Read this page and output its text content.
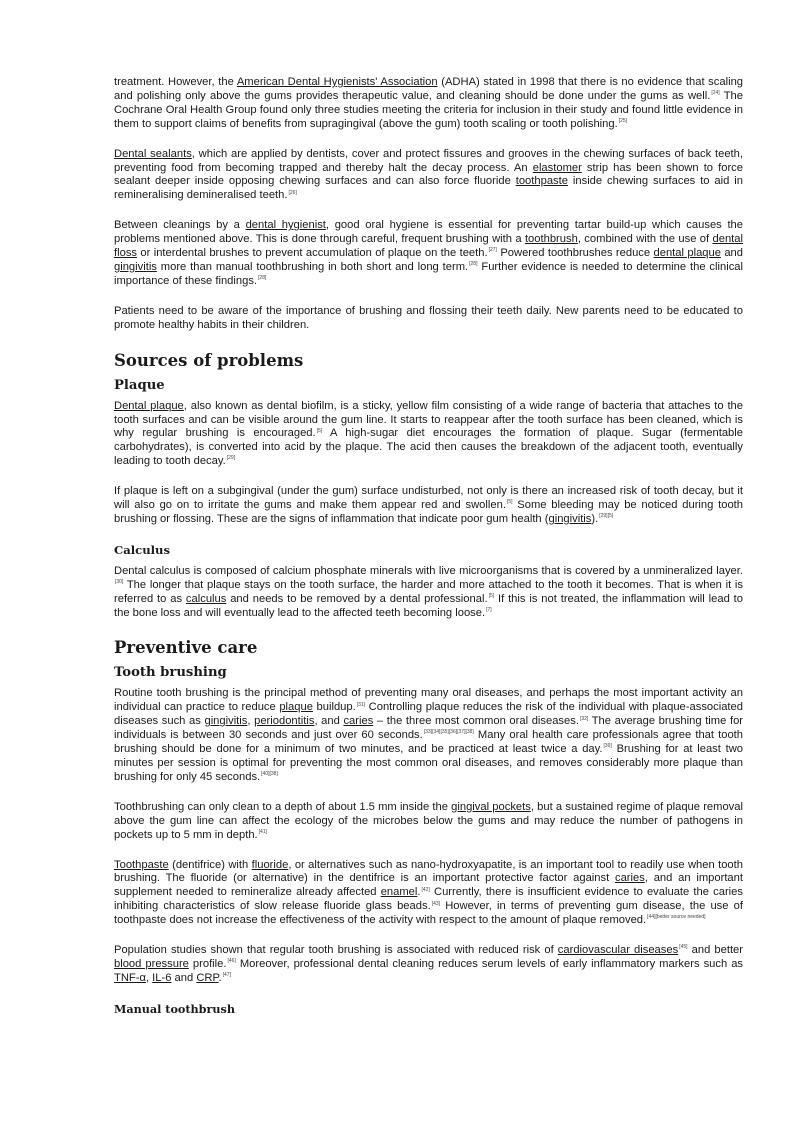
treatment. However, the American Dental Hygienists' Association (ADHA) stated in 1998 that there is no evidence that scaling and polishing only above the gums provides therapeutic value, and cleaning should be done under the gums as well.[24] The Cochrane Oral Health Group found only three studies meeting the criteria for inclusion in their study and found little evidence in them to support claims of benefits from supragingival (above the gum) tooth scaling or tooth polishing.[25]

Dental sealants, which are applied by dentists, cover and protect fissures and grooves in the chewing surfaces of back teeth, preventing food from becoming trapped and thereby halt the decay process. An elastomer strip has been shown to force sealant deeper inside opposing chewing surfaces and can also force fluoride toothpaste inside chewing surfaces to aid in remineralising demineralised teeth.[26]

Between cleanings by a dental hygienist, good oral hygiene is essential for preventing tartar build-up which causes the problems mentioned above. This is done through careful, frequent brushing with a toothbrush, combined with the use of dental floss or interdental brushes to prevent accumulation of plaque on the teeth.[27] Powered toothbrushes reduce dental plaque and gingivitis more than manual toothbrushing in both short and long term.[28] Further evidence is needed to determine the clinical importance of these findings.[28]

Patients need to be aware of the importance of brushing and flossing their teeth daily. New parents need to be educated to promote healthy habits in their children.

Sources of problems
Plaque

Dental plaque, also known as dental biofilm, is a sticky, yellow film consisting of a wide range of bacteria that attaches to the tooth surfaces and can be visible around the gum line. It starts to reappear after the tooth surface has been cleaned, which is why regular brushing is encouraged.[5] A high-sugar diet encourages the formation of plaque. Sugar (fermentable carbohydrates), is converted into acid by the plaque. The acid then causes the breakdown of the adjacent tooth, eventually leading to tooth decay.[29]

If plaque is left on a subgingival (under the gum) surface undisturbed, not only is there an increased risk of tooth decay, but it will also go on to irritate the gums and make them appear red and swollen.[5] Some bleeding may be noticed during tooth brushing or flossing. These are the signs of inflammation that indicate poor gum health (gingivitis).[29][5]

Calculus

Dental calculus is composed of calcium phosphate minerals with live microorganisms that is covered by a unmineralized layer.[30] The longer that plaque stays on the tooth surface, the harder and more attached to the tooth it becomes. That is when it is referred to as calculus and needs to be removed by a dental professional.[5] If this is not treated, the inflammation will lead to the bone loss and will eventually lead to the affected teeth becoming loose.[7]

Preventive care
Tooth brushing

Routine tooth brushing is the principal method of preventing many oral diseases, and perhaps the most important activity an individual can practice to reduce plaque buildup.[31] Controlling plaque reduces the risk of the individual with plaque-associated diseases such as gingivitis, periodontitis, and caries – the three most common oral diseases.[32] The average brushing time for individuals is between 30 seconds and just over 60 seconds.[33][34][35][36][37][38] Many oral health care professionals agree that tooth brushing should be done for a minimum of two minutes, and be practiced at least twice a day.[39] Brushing for at least two minutes per session is optimal for preventing the most common oral diseases, and removes considerably more plaque than brushing for only 45 seconds.[40][38]

Toothbrushing can only clean to a depth of about 1.5 mm inside the gingival pockets, but a sustained regime of plaque removal above the gum line can affect the ecology of the microbes below the gums and may reduce the number of pathogens in pockets up to 5 mm in depth.[41]

Toothpaste (dentifrice) with fluoride, or alternatives such as nano-hydroxyapatite, is an important tool to readily use when tooth brushing. The fluoride (or alternative) in the dentifrice is an important protective factor against caries, and an important supplement needed to remineralize already affected enamel.[42] Currently, there is insufficient evidence to evaluate the caries inhibiting characteristics of slow release fluoride glass beads.[43] However, in terms of preventing gum disease, the use of toothpaste does not increase the effectiveness of the activity with respect to the amount of plaque removed.[44][better source needed]

Population studies shown that regular tooth brushing is associated with reduced risk of cardiovascular diseases[45] and better blood pressure profile.[46] Moreover, professional dental cleaning reduces serum levels of early inflammatory markers such as TNF-α, IL-6 and CRP.[47]

Manual toothbrush
